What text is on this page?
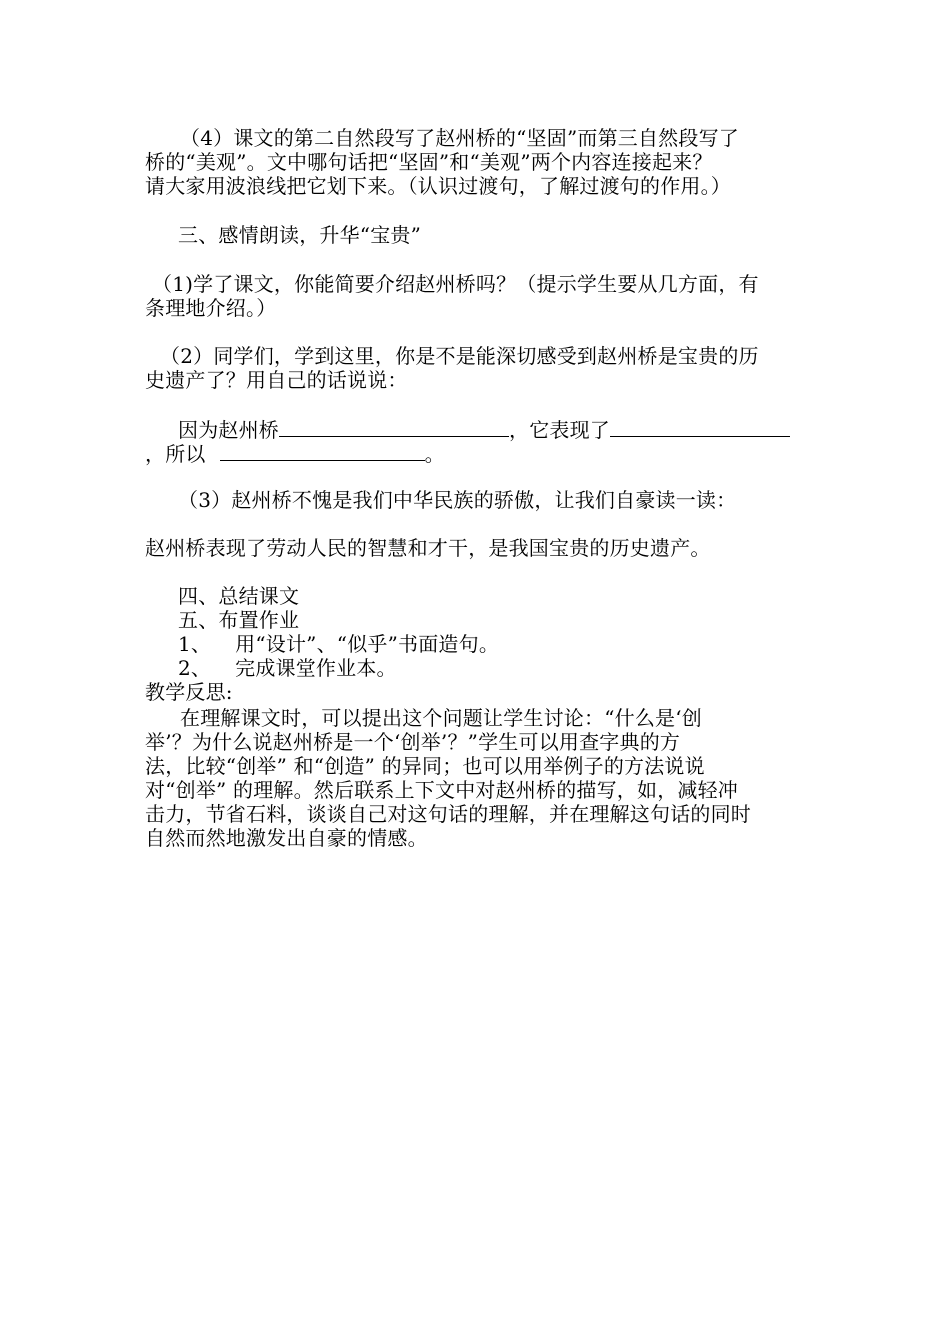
（4）课文的第二自然段写了赵州桥的“坚固”而第三自然段写了
桥的“美观”。文中哪句话把“坚固”和“美观”两个内容连接起来？
请大家用波浪线把它划下来。（认识过渡句，了解过渡句的作用。）
三、感情朗读，升华“宝贵”
（1)学了课文，你能简要介绍赵州桥吗？（提示学生要从几方面，有
条理地介绍。）
（2）同学们，学到这里，你是不是能深切感受到赵州桥是宝贵的历
史遗产了？用自己的话说说：
因为赵州桥	，它表现了
，所以	。
（3）赵州桥不愧是我们中华民族的骄傲，让我们自豪读一读：
赵州桥表现了劳动人民的智慧和才干，是我国宝贵的历史遗产。
四、总结课文
五、布置作业
1、 用“设计”、“似乎”书面造句。
2、 完成课堂作业本。
教学反思:
在理解课文时，可以提出这个问题让学生讨论：“什么是‘创
举’？为什么说赵州桥是一个‘创举’？”学生可以用查字典的方
法，比较“创举” 和“创造” 的异同；也可以用举例子的方法说说
对“创举” 的理解。然后联系上下文中对赵州桥的描写，如，减轻冲
击力，节省石料，谈谈自己对这句话的理解，并在理解这句话的同时
自然而然地激发出自豪的情感。
